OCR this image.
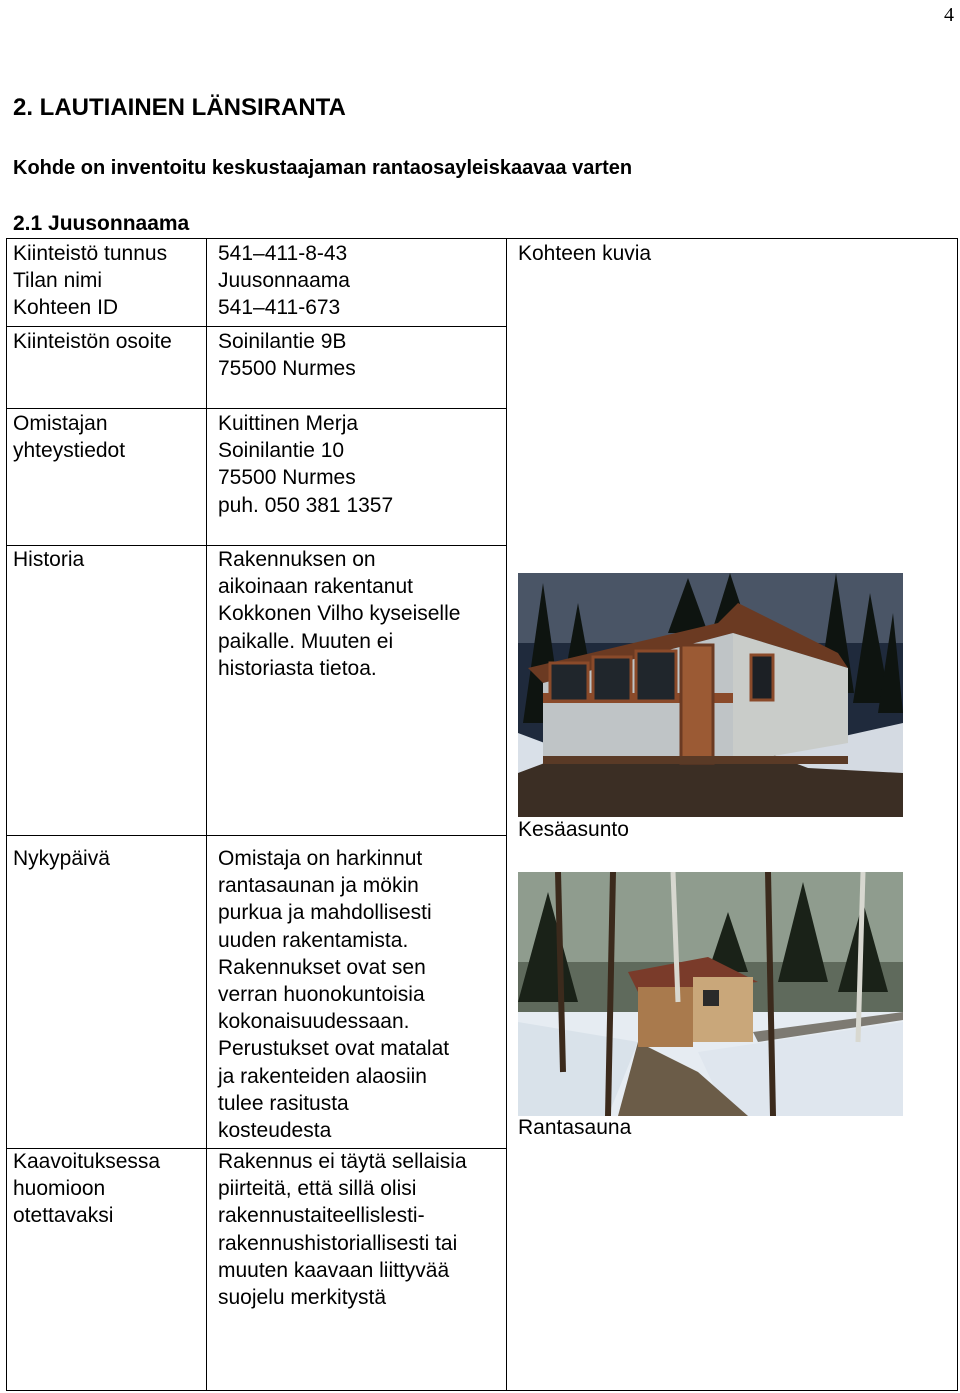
4
2. LAUTIAINEN LÄNSIRANTA
Kohde on inventoitu keskustaajaman rantaosayleiskaavaa varten
2.1 Juusonnaama
Kiinteistö tunnus
Tilan nimi
Kohteen ID
541–411-8-43
Juusonnaama
541–411-673
Kohteen kuvia
Kiinteistön osoite Soinilantie 9B
75500 Nurmes
Omistajan
yhteystiedot
Kuittinen Merja
Soinilantie 10
75500 Nurmes
puh. 050 381 1357
Historia	Rakennuksen on
aikoinaan rakentanut
Kokkonen Vilho kyseiselle
paikalle. Muuten ei
historiasta tietoa.
Nykypäivä	Omistaja on harkinnut
rantasaunan ja mökin
purkua ja mahdollisesti
uuden rakentamista.
Rakennukset ovat sen
verran huonokuntoisia
kokonaisuudessaan.
Perustukset ovat matalat
ja rakenteiden alaosiin
tulee rasitusta
kosteudesta
Kaavoituksessa
huomioon
otettavaksi
Rakennus ei täytä sellaisia
piirteitä, että sillä olisi
rakennustaiteellislesti-
rakennushistoriallisesti tai
muuten kaavaan liittyvää
suojelu merkitystä
Kesäasunto
Rantasauna
